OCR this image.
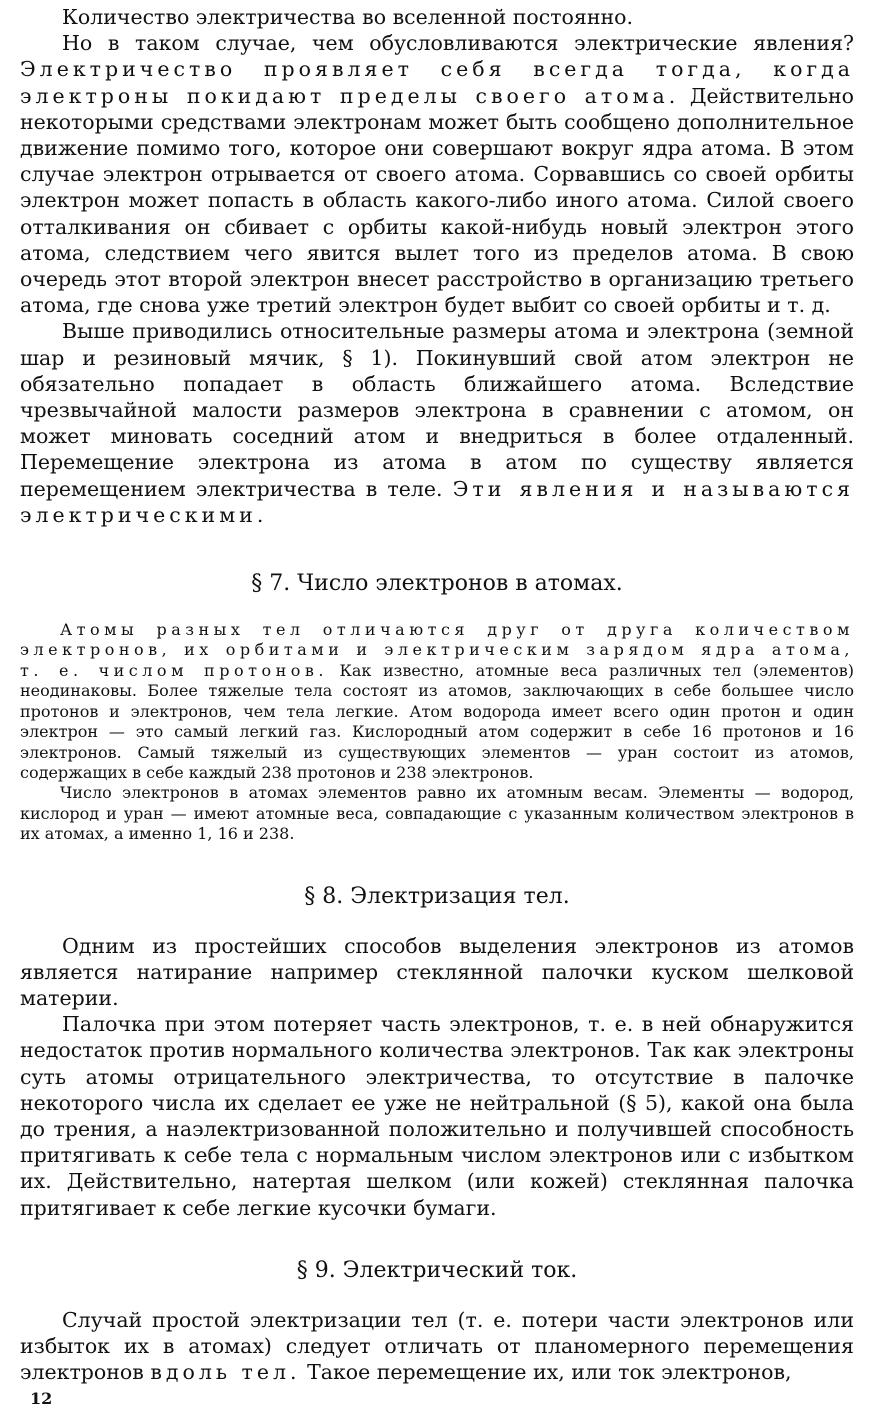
Количество электричества во вселенной постоянно.

Но в таком случае, чем обусловливаются электрические явления? Электричество проявляет себя всегда тогда, когда электроны покидают пределы своего атома. Действительно некоторыми средствами электронам может быть сообщено дополнительное движение помимо того, которое они совершают вокруг ядра атома. В этом случае электрон отрывается от своего атома. Сорвавшись со своей орбиты электрон может попасть в область какого-либо иного атома. Силой своего отталкивания он сбивает с орбиты какой-нибудь новый электрон этого атома, следствием чего явится вылет того из пределов атома. В свою очередь этот второй электрон внесет расстройство в организацию третьего атома, где снова уже третий электрон будет выбит со своей орбиты и т. д.

Выше приводились относительные размеры атома и электрона (земной шар и резиновый мячик, § 1). Покинувший свой атом электрон не обязательно попадает в область ближайшего атома. Вследствие чрезвычайной малости размеров электрона в сравнении с атомом, он может миновать соседний атом и внедриться в более отдаленный. Перемещение электрона из атома в атом по существу является перемещением электричества в теле. Эти явления и называются электрическими.

§ 7. Число электронов в атомах.

Атомы разных тел отличаются друг от друга количеством электронов, их орбитами и электрическим зарядом ядра атома, т. е. числом протонов. Как известно, атомные веса различных тел (элементов) неодинаковы. Более тяжелые тела состоят из атомов, заключающих в себе большее число протонов и электронов, чем тела легкие. Атом водорода имеет всего один протон и один электрон — это самый легкий газ. Кислородный атом содержит в себе 16 протонов и 16 электронов. Самый тяжелый из существующих элементов — уран состоит из атомов, содержащих в себе каждый 238 протонов и 238 электронов.

Число электронов в атомах элементов равно их атомным весам. Элементы — водород, кислород и уран — имеют атомные веса, совпадающие с указанным количеством электронов в их атомах, а именно 1, 16 и 238.

§ 8. Электризация тел.

Одним из простейших способов выделения электронов из атомов является натирание например стеклянной палочки куском шелковой материи.

Палочка при этом потеряет часть электронов, т. е. в ней обнаружится недостаток против нормального количества электронов. Так как электроны суть атомы отрицательного электричества, то отсутствие в палочке некоторого числа их сделает ее уже не нейтральной (§ 5), какой она была до трения, а наэлектризованной положительно и получившей способность притягивать к себе тела с нормальным числом электронов или с избытком их. Действительно, натертая шелком (или кожей) стеклянная палочка притягивает к себе легкие кусочки бумаги.

§ 9. Электрический ток.

Случай простой электризации тел (т. е. потери части электронов или избыток их в атомах) следует отличать от планомерного перемещения электронов вдоль тел. Такое перемещение их, или ток электронов,

12
